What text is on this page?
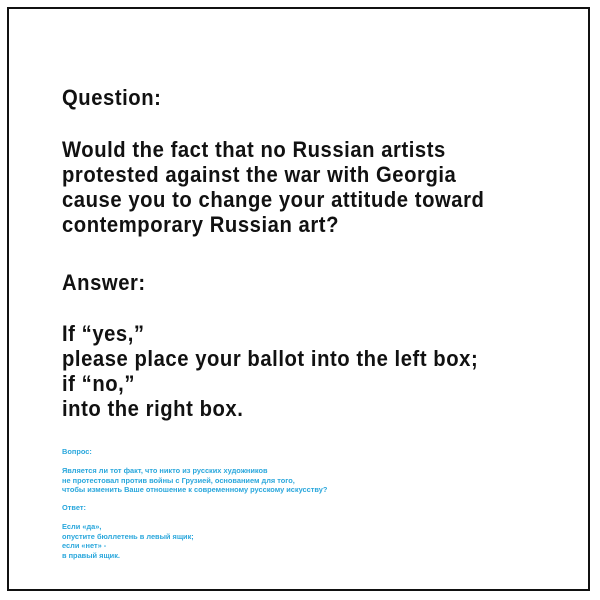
Question:

Would the fact that no Russian artists
protested against the war with Georgia
cause you to change your attitude toward
contemporary Russian art?

Answer:

If “yes,”
please place your ballot into the left box;
if “no,”
into the right box.

Вопрос:

Является ли тот факт, что никто из русских художников
не протестовал против войны с Грузией, основанием для того,
чтобы изменить Ваше отношение к современному русскому искусству?

Ответ:

Если «да»,
опустите бюллетень в левый ящик;
если «нет» -
в правый ящик.
